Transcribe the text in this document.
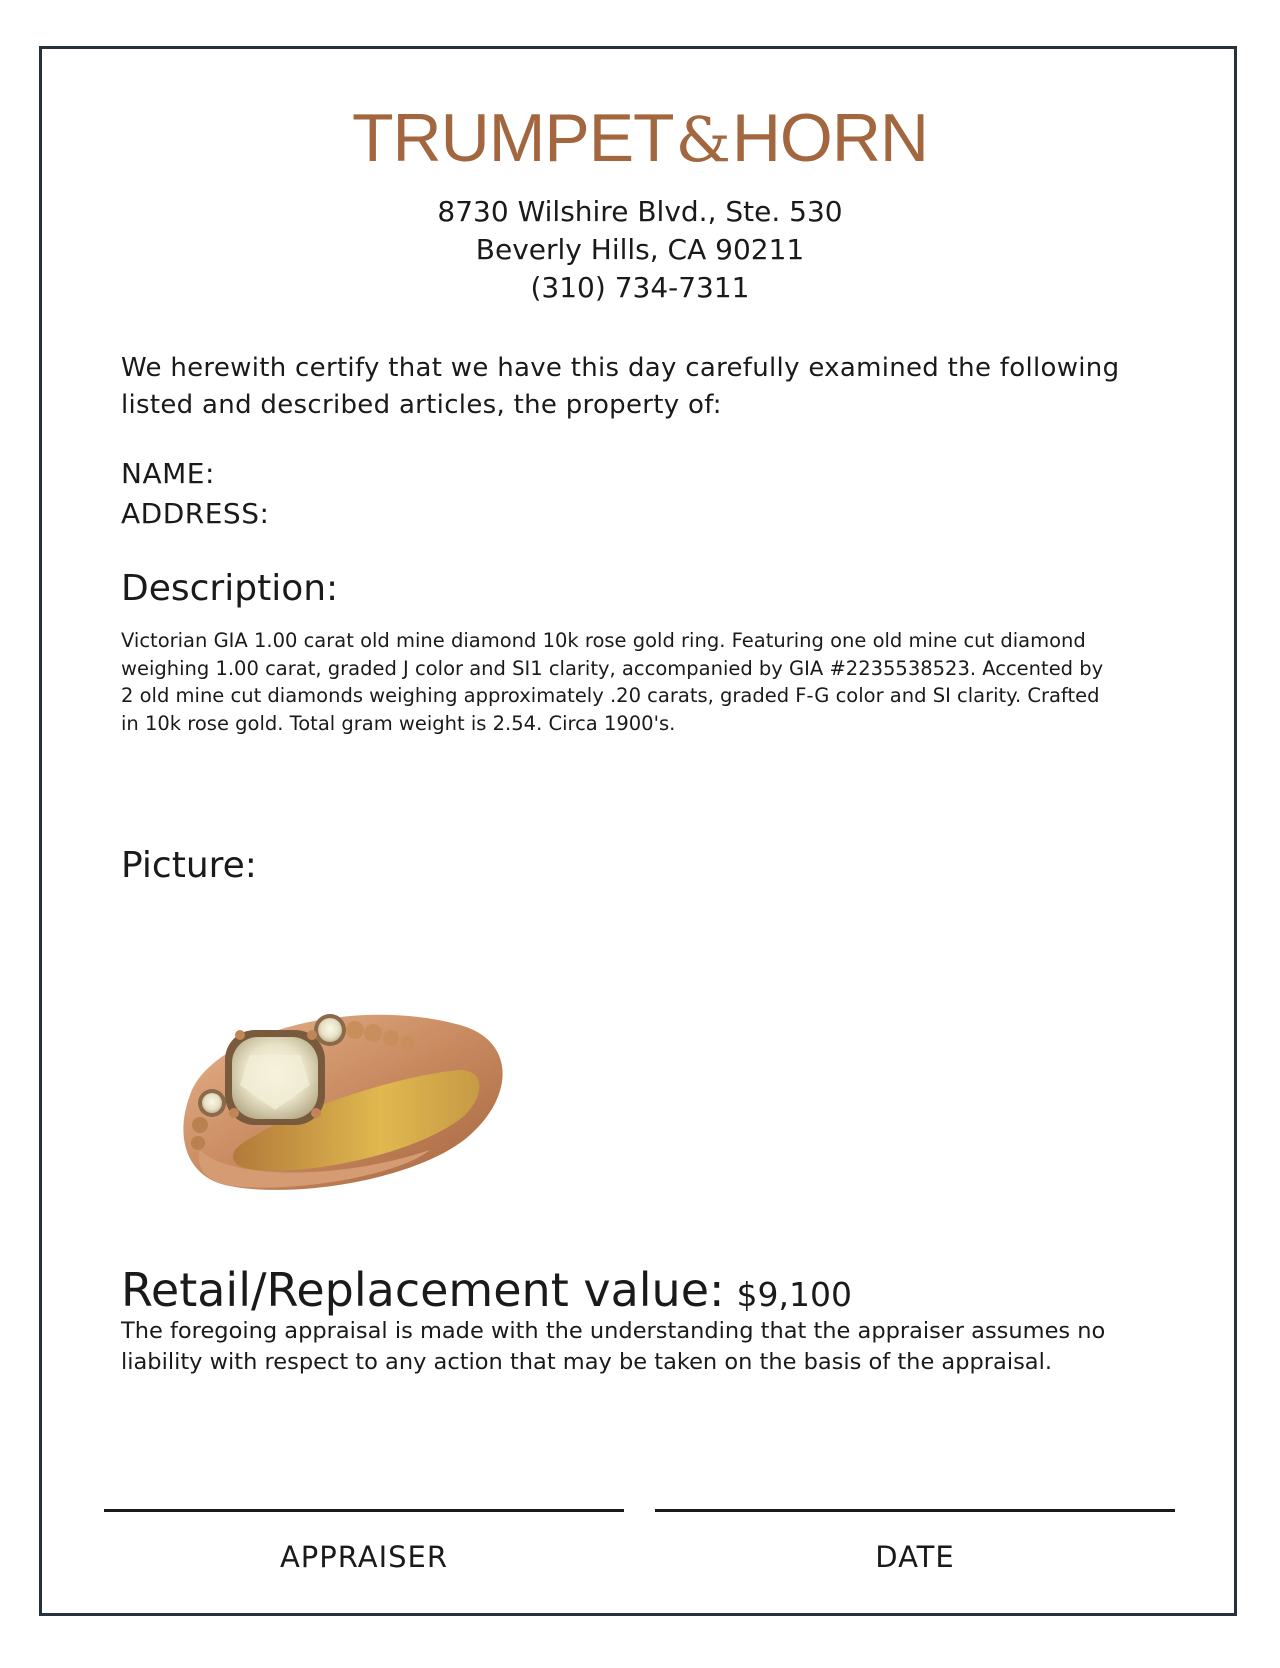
TRUMPET&HORN
8730 Wilshire Blvd., Ste. 530
Beverly Hills, CA 90211
(310) 734-7311
We herewith certify that we have this day carefully examined the following listed and described articles, the property of:
NAME:
ADDRESS:
Description:
Victorian GIA 1.00 carat old mine diamond 10k rose gold ring. Featuring one old mine cut diamond weighing 1.00 carat, graded J color and SI1 clarity, accompanied by GIA #2235538523. Accented by 2 old mine cut diamonds weighing approximately .20 carats, graded F-G color and SI clarity. Crafted in 10k rose gold. Total gram weight is 2.54. Circa 1900's.
Picture:
Retail/Replacement value: $9,100
The foregoing appraisal is made with the understanding that the appraiser assumes no liability with respect to any action that may be taken on the basis of the appraisal.
APPRAISER	DATE
